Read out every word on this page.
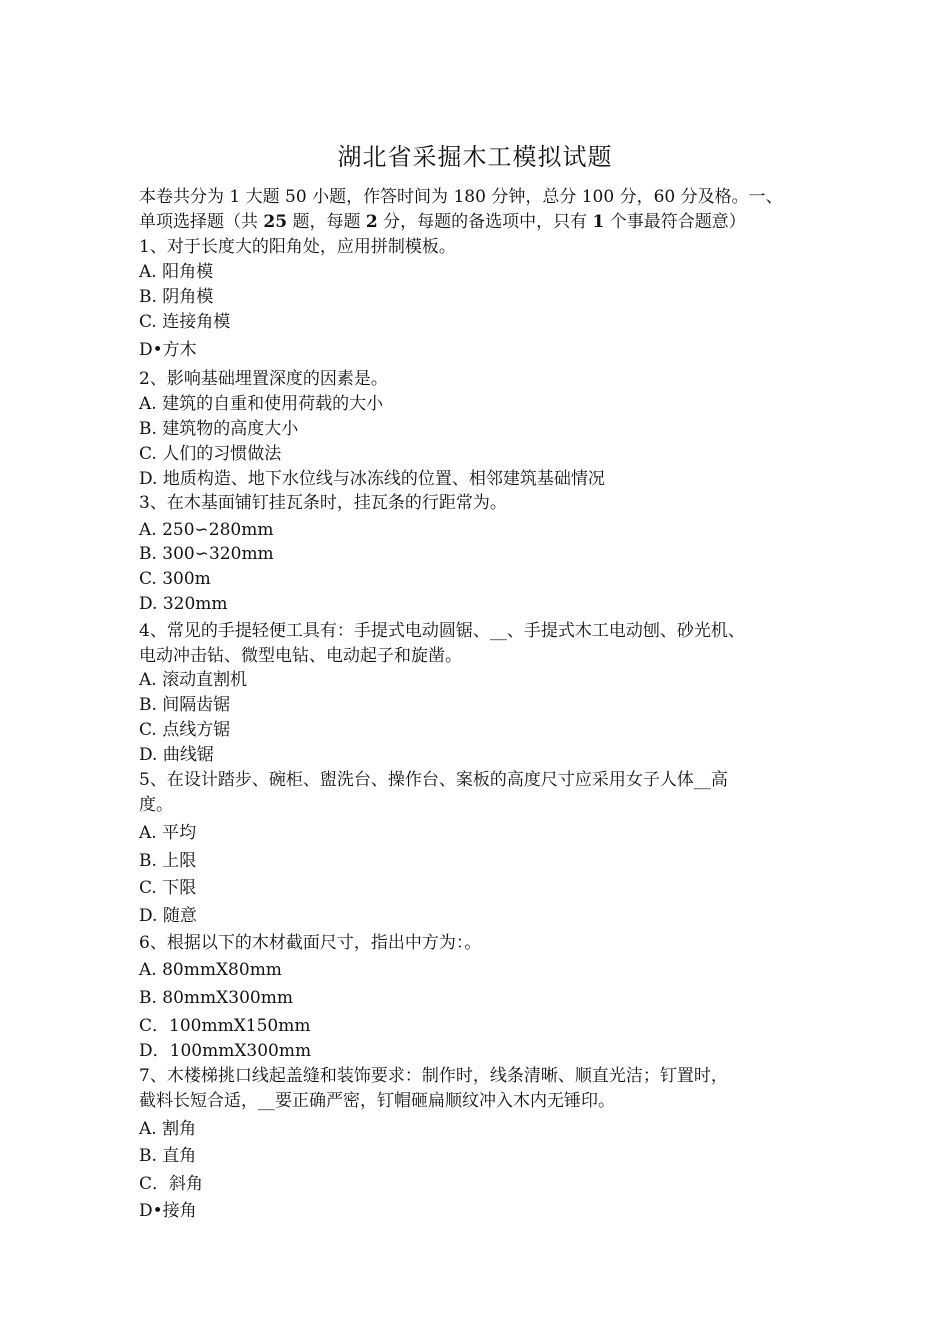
湖北省采掘木工模拟试题
本卷共分为 1 大题 50 小题，作答时间为 180 分钟，总分 100 分，60 分及格。一、
单项选择题（共 25 题，每题 2 分，每题的备选项中，只有 1 个事最符合题意）
1、对于长度大的阳角处，应用拼制模板。
A. 阳角模
B. 阴角模
C. 连接角模
D•方木
2、影响基础埋置深度的因素是。
A. 建筑的自重和使用荷载的大小
B. 建筑物的高度大小
C. 人们的习惯做法
D. 地质构造、地下水位线与冰冻线的位置、相邻建筑基础情况
3、在木基面铺钉挂瓦条时，挂瓦条的行距常为。
A. 250∽280mm
B. 300∽320mm
C. 300m
D. 320mm
4、常见的手提轻便工具有：手提式电动圆锯、__、手提式木工电动刨、砂光机、
电动冲击钻、微型电钻、电动起子和旋凿。
A. 滚动直割机
B. 间隔齿锯
C. 点线方锯
D. 曲线锯
5、在设计踏步、碗柜、盥洗台、操作台、案板的高度尺寸应采用女子人体__高
度。
A. 平均
B. 上限
C. 下限
D. 随意
6、根据以下的木材截面尺寸，指出中方为：。
A. 80mmX80mm
B. 80mmX300mm
C．100mmX150mm
D．100mmX300mm
7、木楼梯挑口线起盖缝和装饰要求：制作时，线条清晰、顺直光洁；钉置时，
截料长短合适，__要正确严密，钉帽砸扁顺纹冲入木内无锤印。
A. 割角
B. 直角
C．斜角
D•接角
